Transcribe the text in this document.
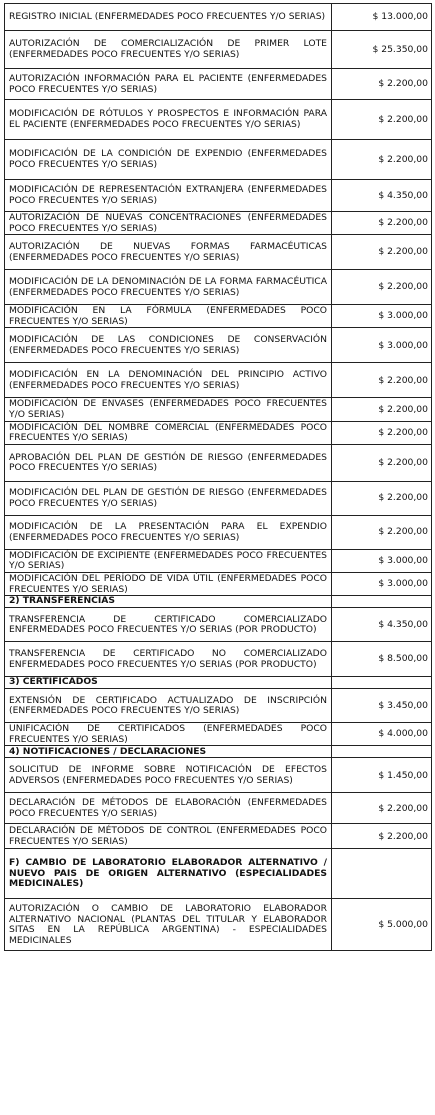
REGISTRO INICIAL (ENFERMEDADES POCO FRECUENTES Y/O SERIAS)	$ 13.000,00
AUTORIZACIÓN DE COMERCIALIZACIÓN DE PRIMER LOTE (ENFERMEDADES POCO FRECUENTES Y/O SERIAS)	$ 25.350,00
AUTORIZACIÓN INFORMACIÓN PARA EL PACIENTE (ENFERMEDADES POCO FRECUENTES Y/O SERIAS)	$ 2.200,00
MODIFICACIÓN DE RÓTULOS Y PROSPECTOS E INFORMACIÓN PARA EL PACIENTE (ENFERMEDADES POCO FRECUENTES Y/O SERIAS)	$ 2.200,00
MODIFICACIÓN DE LA CONDICIÓN DE EXPENDIO (ENFERMEDADES POCO FRECUENTES Y/O SERIAS)	$ 2.200,00
MODIFICACIÓN DE REPRESENTACIÓN EXTRANJERA (ENFERMEDADES POCO FRECUENTES Y/O SERIAS)	$ 4.350,00
AUTORIZACIÓN DE NUEVAS CONCENTRACIONES (ENFERMEDADES POCO FRECUENTES Y/O SERIAS)	$ 2.200,00
AUTORIZACIÓN DE NUEVAS FORMAS FARMACÉUTICAS (ENFERMEDADES POCO FRECUENTES Y/O SERIAS)	$ 2.200,00
MODIFICACIÓN DE LA DENOMINACIÓN DE LA FORMA FARMACÉUTICA (ENFERMEDADES POCO FRECUENTES Y/O SERIAS)	$ 2.200,00
MODIFICACIÓN EN LA FÓRMULA (ENFERMEDADES POCO FRECUENTES Y/O SERIAS)	$ 3.000,00
MODIFICACIÓN DE LAS CONDICIONES DE CONSERVACIÓN (ENFERMEDADES POCO FRECUENTES Y/O SERIAS)	$ 3.000,00
MODIFICACIÓN EN LA DENOMINACIÓN DEL PRINCIPIO ACTIVO (ENFERMEDADES POCO FRECUENTES Y/O SERIAS)	$ 2.200,00
MODIFICACIÓN DE ENVASES (ENFERMEDADES POCO FRECUENTES Y/O SERIAS)	$ 2.200,00
MODIFICACIÓN DEL NOMBRE COMERCIAL (ENFERMEDADES POCO FRECUENTES Y/O SERIAS)	$ 2.200,00
APROBACIÓN DEL PLAN DE GESTIÓN DE RIESGO (ENFERMEDADES POCO FRECUENTES Y/O SERIAS)	$ 2.200,00
MODIFICACIÓN DEL PLAN DE GESTIÓN DE RIESGO (ENFERMEDADES POCO FRECUENTES Y/O SERIAS)	$ 2.200,00
MODIFICACIÓN DE LA PRESENTACIÓN PARA EL EXPENDIO (ENFERMEDADES POCO FRECUENTES Y/O SERIAS)	$ 2.200,00
MODIFICACIÓN DE EXCIPIENTE (ENFERMEDADES POCO FRECUENTES Y/O SERIAS)	$ 3.000,00
MODIFICACIÓN DEL PERÍODO DE VIDA ÚTIL (ENFERMEDADES POCO FRECUENTES Y/O SERIAS)	$ 3.000,00
2) TRANSFERENCIAS	
TRANSFERENCIA DE CERTIFICADO COMERCIALIZADO ENFERMEDADES POCO FRECUENTES Y/O SERIAS (POR PRODUCTO)	$ 4.350,00
TRANSFERENCIA DE CERTIFICADO NO COMERCIALIZADO ENFERMEDADES POCO FRECUENTES Y/O SERIAS (POR PRODUCTO)	$ 8.500,00
3) CERTIFICADOS	
EXTENSIÓN DE CERTIFICADO ACTUALIZADO DE INSCRIPCIÓN (ENFERMEDADES POCO FRECUENTES Y/O SERIAS)	$ 3.450,00
UNIFICACIÓN DE CERTIFICADOS (ENFERMEDADES POCO FRECUENTES Y/O SERIAS)	$ 4.000,00
4) NOTIFICACIONES / DECLARACIONES	
SOLICITUD DE INFORME SOBRE NOTIFICACIÓN DE EFECTOS ADVERSOS (ENFERMEDADES POCO FRECUENTES Y/O SERIAS)	$ 1.450,00
DECLARACIÓN DE MÉTODOS DE ELABORACIÓN (ENFERMEDADES POCO FRECUENTES Y/O SERIAS)	$ 2.200,00
DECLARACIÓN DE MÉTODOS DE CONTROL (ENFERMEDADES POCO FRECUENTES Y/O SERIAS)	$ 2.200,00
F) CAMBIO DE LABORATORIO ELABORADOR ALTERNATIVO / NUEVO PAIS DE ORIGEN ALTERNATIVO (ESPECIALIDADES MEDICINALES)	
AUTORIZACIÓN O CAMBIO DE LABORATORIO ELABORADOR ALTERNATIVO NACIONAL (PLANTAS DEL TITULAR Y ELABORADOR SITAS EN LA REPÚBLICA ARGENTINA) - ESPECIALIDADES MEDICINALES	$ 5.000,00
